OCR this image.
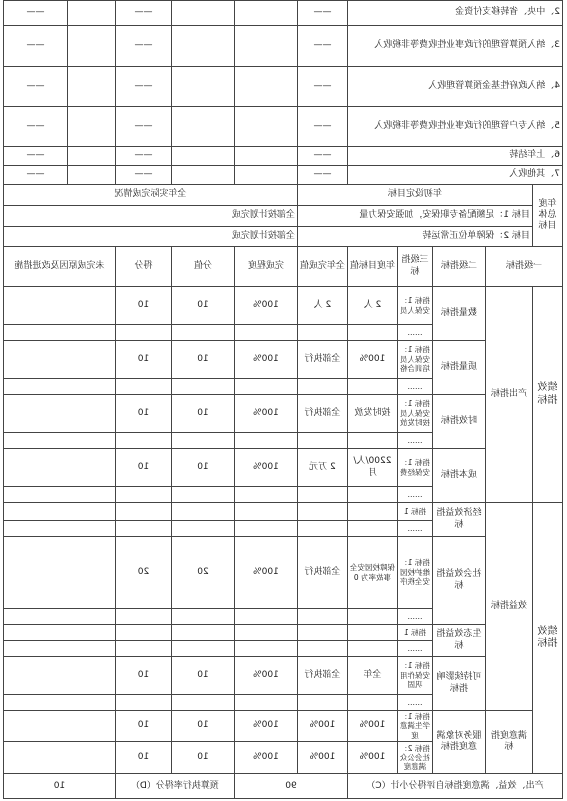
2、中央、省转移支付资金					——			——		——
3、纳入预算管理的行政事业性收费等非税收入					——			——		——
4、纳入政府性基金预算管理收入					——			——		——
5、纳入专户管理的行政事业性收费等非税收入					——			——		——
6、上年结转					——			——		——
7、其他收入					——			——		——
年度总体目标	年初设定目标					全年实际完成情况				
	目标 1：足额配备专职保安，加强安保力量					全部按计划完成				
	目标 2：保障单位正常运转					全部按计划完成				
一级指标		二级指标	三级指标	年度目标值	全年完成值	完成程度	分值	得分	未完成原因及改进措施	
绩效指标	产出指标	数量指标	指标 1：安保人员	2 人	2 人	100%	10	10		
			……							
		质量指标	指标 1：安保人员培训合格	100%	全部执行	100%	10	10		
			……							
		时效指标	指标 1：安保人员按时发放	按时发放	全部执行	100%	10	10		
			……							
		成本指标	指标 1：安保经费	2200/人/月	2 万元	100%	10	10		
			……							
绩效指标	效益指标	经济效益指标	指标 1							
			……							
		社会效益指标	指标 1：维护校园安全秩序	保障校园安全事故率为 0	全部执行	100%	20	20		
			……							
		生态效益指标	指标 1							
			……							
		可持续影响指标	指标 1：安保作用巩固	全年	全部执行	100%	10	10		
			……							
	满意度指标	服务对象满意度指标	指标 1：学生满意度	100%	100%	100%	10	10		
			指标 2：社会公众满意度	100%	100%	100%	10	10		
产出、效益、满意度指标自评得分小计（C）					90		预算执行率得分（D）		10	
